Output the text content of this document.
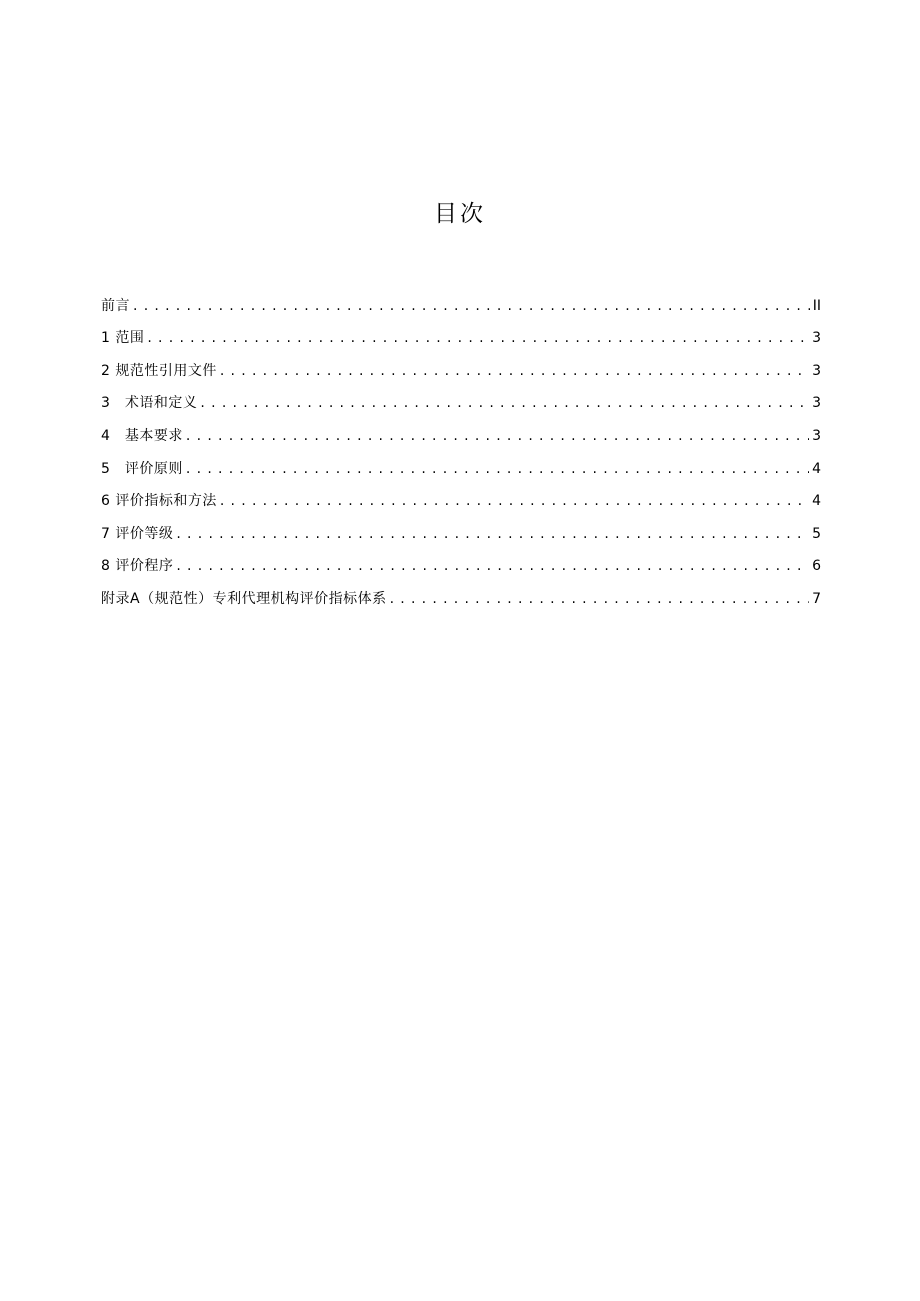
目次
前言 . . .	II
1 范围 . . .	3
2 规范性引用文件 . . .	3
3　术语和定义 . . .	3
4　基本要求 . . .	3
5　评价原则 . . .	4
6 评价指标和方法 . . .	4
7 评价等级 . . .	5
8 评价程序 . . .	6
附录A（规范性）专利代理机构评价指标体系 . . .	7
